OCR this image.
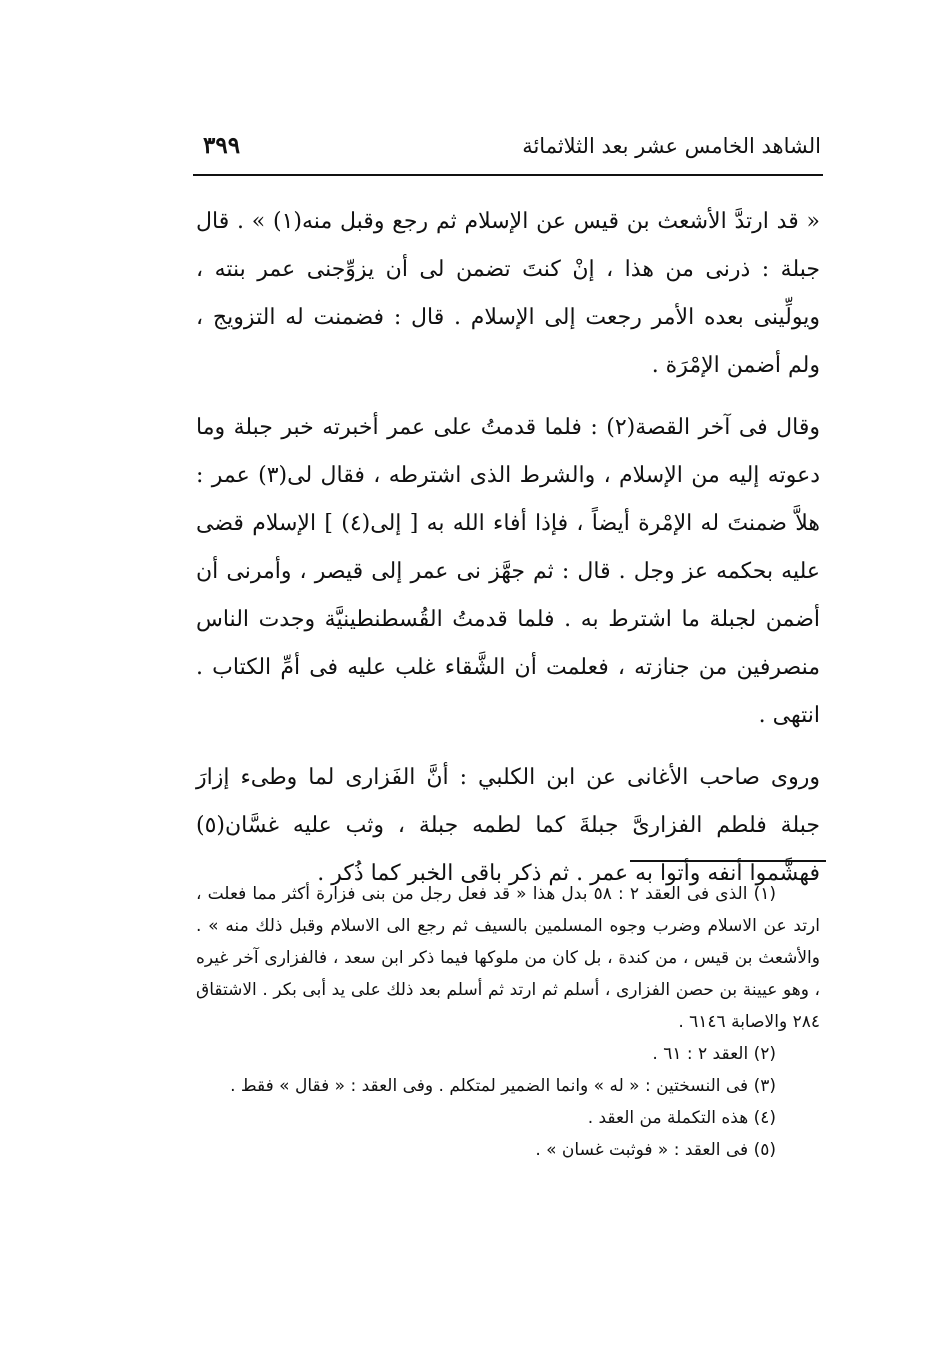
الشاهد الخامس عشر بعد الثلاثمائة
٣٩٩

« قد ارتدَّ الأشعث بن قيس عن الإسلام ثم رجع وقبل منه(١) » . قال جبلة : ذرنى من هذا ، إنْ كنتَ تضمن لى أن يزوِّجنى عمر بنته ، ويولِّينى بعده الأمر رجعت إلى الإسلام . قال : فضمنت له التزويج ، ولم أضمن الإمْرَة .

وقال فى آخر القصة(٢) : فلما قدمتُ على عمر أخبرته خبر جبلة وما دعوته إليه من الإسلام ، والشرط الذى اشترطه ، فقال لى(٣) عمر : هلاَّ ضمنتَ له الإمْرة أيضاً ، فإذا أفاء الله به [ إلى(٤) ] الإسلام قضى عليه بحكمه عز وجل . قال : ثم جهَّز نى عمر إلى قيصر ، وأمرنى أن أضمن لجبلة ما اشترط به . فلما قدمتُ القُسطنطينيَّة وجدت الناس منصرفين من جنازته ، فعلمت أن الشَّقاء غلب عليه فى أمِّ الكتاب . انتهى .

وروى صاحب الأغانى عن ابن الكلبي : أنَّ الفَزارى لما وطىء إزارَ جبلة فلطم الفزارىَّ جبلةَ كما لطمه جبلة ، وثب عليه غسَّان(٥) فهشَّموا أنفه وأتوا به عمر . ثم ذكر باقى الخبر كما ذُكر .

(١) الذى فى العقد ٢ : ٥٨ بدل هذا « قد فعل رجل من بنى فزارة أكثر مما فعلت ، ارتد عن الاسلام وضرب وجوه المسلمين بالسيف ثم رجع الى الاسلام وقبل ذلك منه » . والأشعث بن قيس ، من كندة ، بل كان من ملوكها فيما ذكر ابن سعد ، فالفزارى آخر غيره ، وهو عيينة بن حصن الفزارى ، أسلم ثم ارتد ثم أسلم بعد ذلك على يد أبى بكر . الاشتقاق ٢٨٤ والاصابة ٦١٤٦ .

(٢) العقد ٢ : ٦١ .

(٣) فى النسختين : « له » وانما الضمير لمتكلم . وفى العقد : « فقال » فقط .

(٤) هذه التكملة من العقد .

(٥) فى العقد : « فوثبت غسان » .
